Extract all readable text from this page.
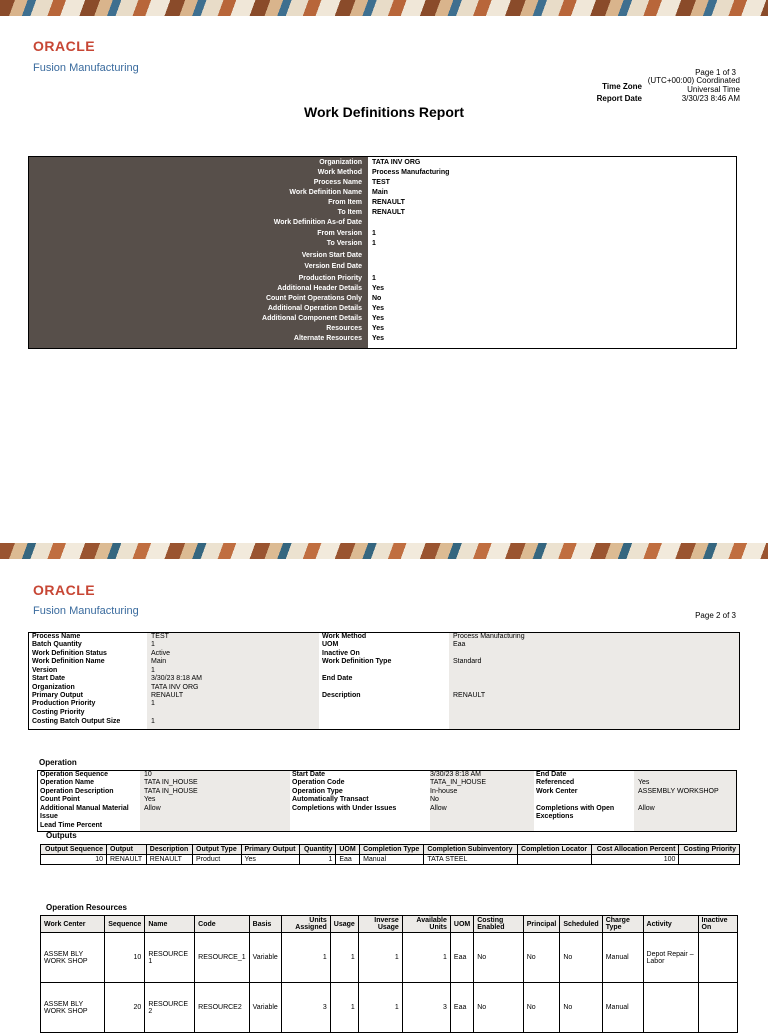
ORACLE
Fusion Manufacturing	Page 1 of 3
Time Zone
(UTC+00:00) Coordinated
Universal Time
Report Date	3/30/23 8:46 AM
Work Definitions Report
Organization TATA INV ORG
Work Method Process Manufacturing
Process Name TEST
Work Definition Name Main
From Item RENAULT
To Item RENAULT
Work Definition As-of Date
From Version 1
To Version 1
Version Start Date
Version End Date
Production Priority 1
Additional Header Details Yes
Count Point Operations Only No
Additional Operation Details Yes
Additional Component Details Yes
Resources Yes
Alternate Resources Yes
ORACLE
Fusion Manufacturing	Page 2 of 3
Process Name	TEST
Batch Quantity	1
Work Definition Status	Active
Work Definition Name	Main
Version	1
Start Date	3/30/23 8:18 AM
Organization	TATA INV ORG
Primary Output	RENAULT
Production Priority	1
Costing Priority
Costing Batch Output Size	1
Work Method	Process Manufacturing
UOM	Eaa
Inactive On
Work Definition Type	Standard
End Date
Description	RENAULT
Operation
Operation Sequence	10
Operation Name	TATA IN_HOUSE
Operation Description	TATA IN_HOUSE
Count Point	Yes
Additional Manual Material Allow
Issue
Lead Time Percent
Start Date	3/30/23 8:18 AM
Operation Code	TATA_IN_HOUSE
Operation Type	In-house
Automatically Transact	No
Completions with Under Issues	Allow
End Date
Referenced	Yes
Work Center	ASSEMBLY WORKSHOP
Completions with Open	Allow
Exceptions
Outputs
Output Sequence	Output	Description	Output Type	Primary Output	Quantity	UOM	Completion Type	Completion Subinventory	Completion Locator	Cost Allocation Percent	Costing Priority
10	RENAULT	RENAULT	Product	Yes	1	Eaa	Manual	TATA STEEL		100	
Operation Resources
Work Center	Sequence	Name	Code	Basis	Units Assigned	Usage	Inverse Usage	Available Units	UOM	Costing Enabled	Principal	Scheduled	Charge Type	Activity	Inactive On
ASSEM BLY WORK SHOP	10	RESOURCE 1	RESOURCE_1	Variable	1	1	1	1	Eaa	No	No	No	Manual	Depot Repair – Labor	
ASSEM BLY WORK SHOP	20	RESOURCE 2	RESOURCE2	Variable	3	1	1	3	Eaa	No	No	No	Manual		
